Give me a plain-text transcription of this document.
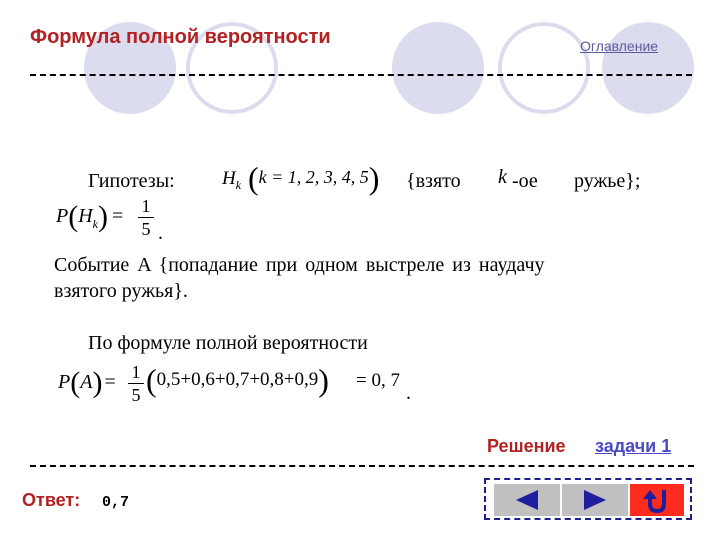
Формула полной вероятности	Оглавление
Гипотезы: $H_k$ (k = 1, 2, 3, 4, 5) {взято k -ое ружье};
P(Hk) = 1
5 .
Событие A {попадание при одном выстреле из наудачу
взятого ружья}.
По формуле полной вероятности
P(A) = 1
5 (0,5+0,6+0,7+0,8+0,9) = 0, 7
.
Решение задачи 1
Ответ: 0,7
